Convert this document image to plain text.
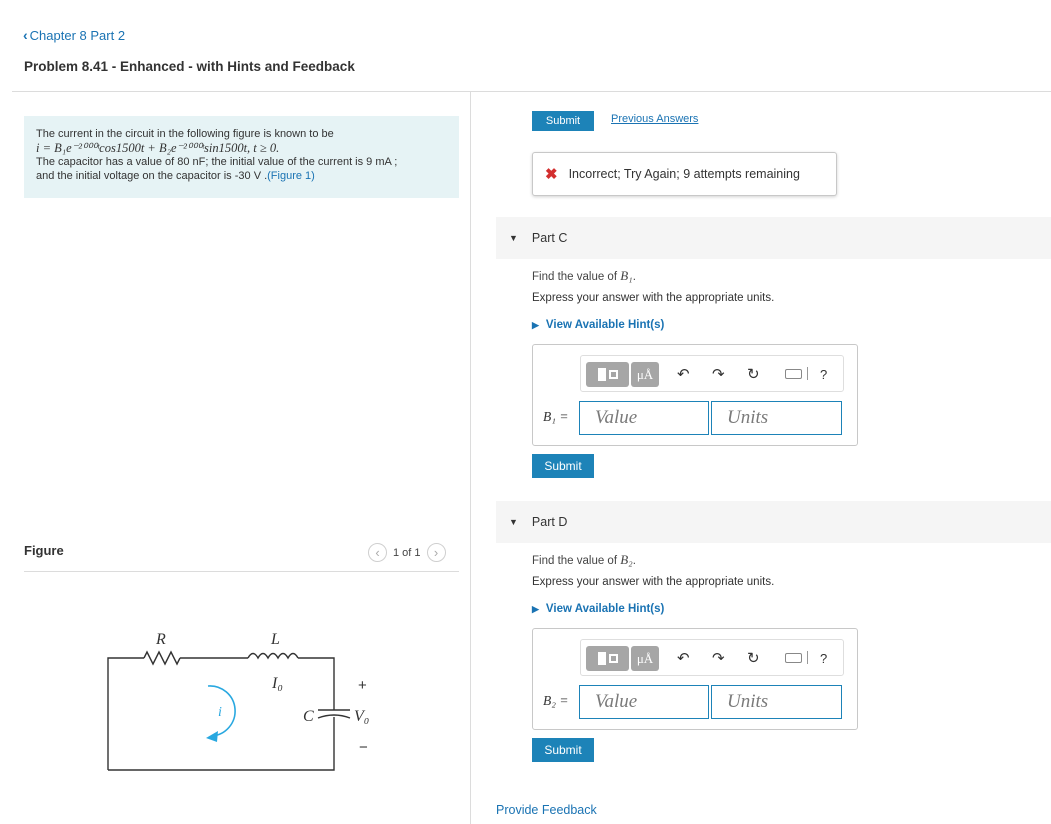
‹ Chapter 8 Part 2
Problem 8.41 - Enhanced - with Hints and Feedback
The current in the circuit in the following figure is known to be
i = B₁e⁻²⁰⁰⁰ᵗcos1500t + B₂e⁻²⁰⁰⁰ᵗsin1500t, t ≥ 0.
The capacitor has a value of 80 nF; the initial value of the current is 9 mA ;
and the initial voltage on the capacitor is -30 V .(Figure 1)
Figure	‹ 1 of 1 ›
R	L
I₀
i	C	V₀
+
−
Submit	Previous Answers
✖ Incorrect; Try Again; 9 attempts remaining
▼ Part C
Find the value of B₁.
Express your answer with the appropriate units.
▶ View Available Hint(s)
μÅ	↶ ↷ ↻	?
B₁ =	Value	Units
Submit
▼ Part D
Find the value of B₂.
Express your answer with the appropriate units.
▶ View Available Hint(s)
μÅ	↶ ↷ ↻	?
B₂ =	Value	Units
Submit
Provide Feedback
